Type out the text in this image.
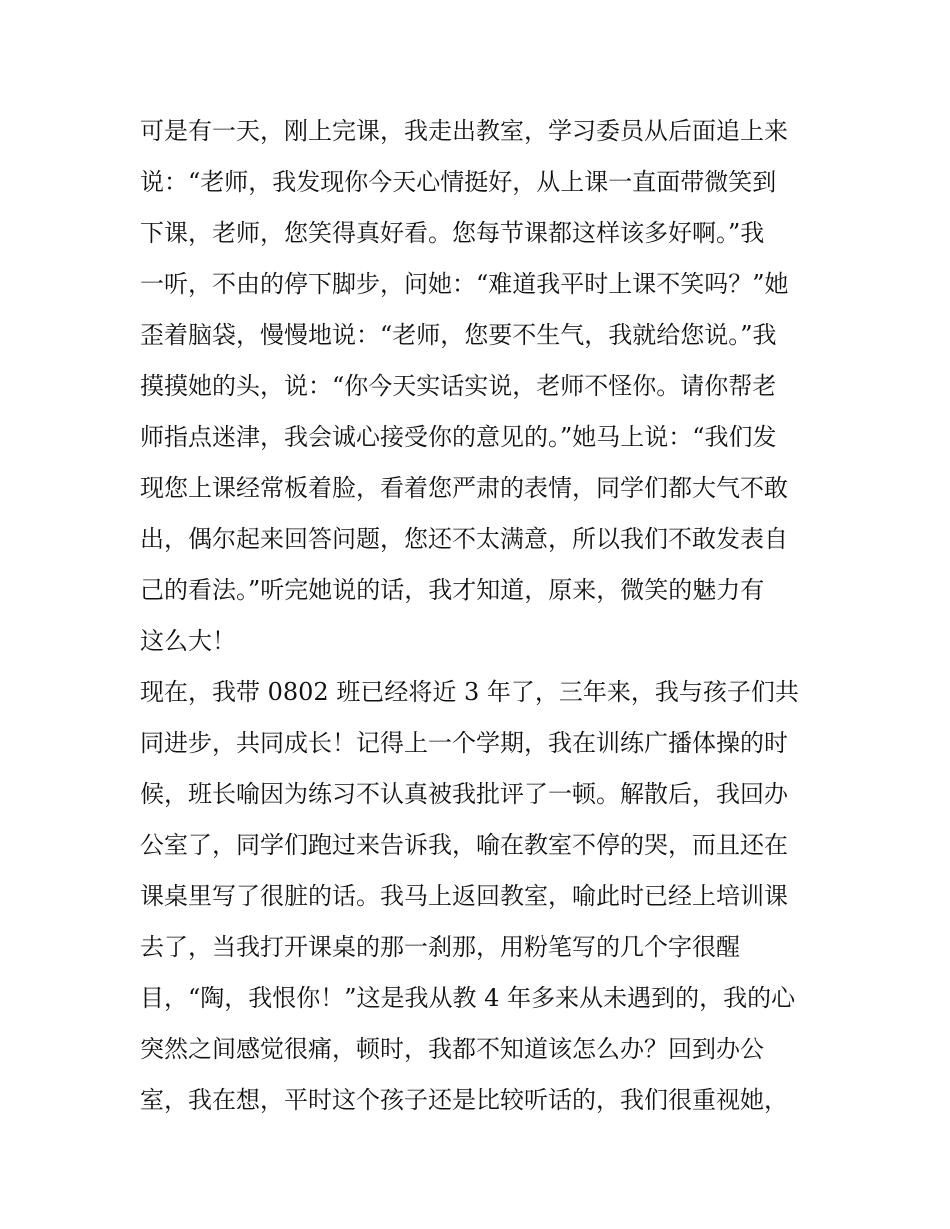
可是有一天，刚上完课，我走出教室，学习委员从后面追上来
说：“老师，我发现你今天心情挺好，从上课一直面带微笑到
下课，老师，您笑得真好看。您每节课都这样该多好啊。”我
一听，不由的停下脚步，问她：“难道我平时上课不笑吗？”她
歪着脑袋，慢慢地说：“老师，您要不生气，我就给您说。”我
摸摸她的头，说：“你今天实话实说，老师不怪你。请你帮老
师指点迷津，我会诚心接受你的意见的。”她马上说：“我们发
现您上课经常板着脸，看着您严肃的表情，同学们都大气不敢
出，偶尔起来回答问题，您还不太满意，所以我们不敢发表自
己的看法。”听完她说的话，我才知道，原来，微笑的魅力有
这么大！
现在，我带 0802 班已经将近 3 年了，三年来，我与孩子们共
同进步，共同成长！记得上一个学期，我在训练广播体操的时
候，班长喻因为练习不认真被我批评了一顿。解散后，我回办
公室了，同学们跑过来告诉我，喻在教室不停的哭，而且还在
课桌里写了很脏的话。我马上返回教室，喻此时已经上培训课
去了，当我打开课桌的那一刹那，用粉笔写的几个字很醒
目，“陶，我恨你！”这是我从教 4 年多来从未遇到的，我的心
突然之间感觉很痛，顿时，我都不知道该怎么办？回到办公
室，我在想，平时这个孩子还是比较听话的，我们很重视她，
